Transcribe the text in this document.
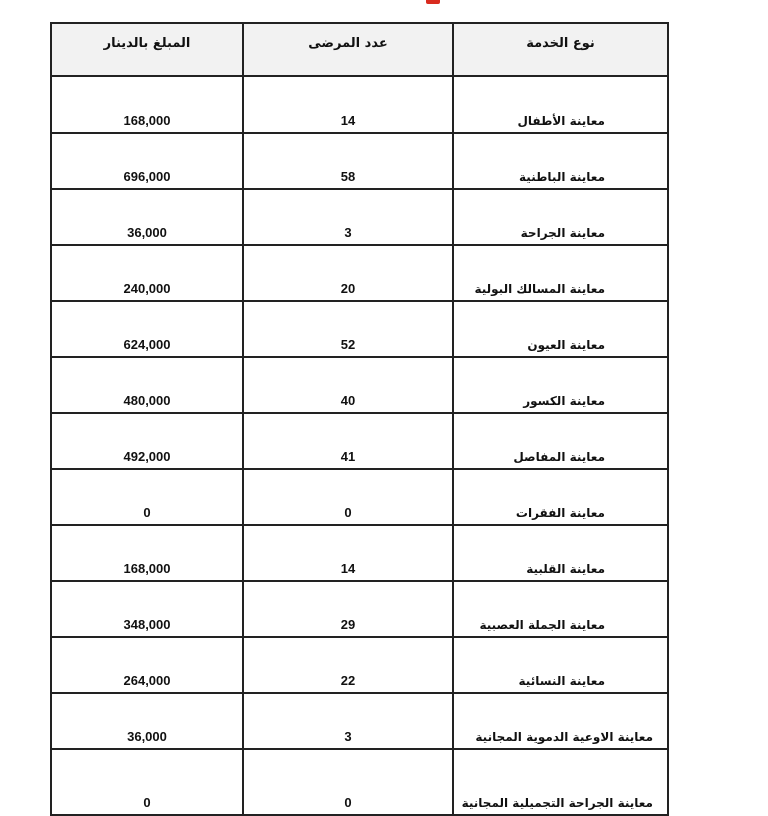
نوع الخدمة	عدد المرضى	المبلغ بالدينار
معاينة الأطفال	14	168,000
معاينة الباطنية	58	696,000
معاينة الجراحة	3	36,000
معاينة المسالك البولية	20	240,000
معاينة العيون	52	624,000
معاينة الكسور	40	480,000
معاينة المفاصل	41	492,000
معاينة الفقرات	0	0
معاينة القلبية	14	168,000
معاينة الجملة العصبية	29	348,000
معاينة النسائية	22	264,000
معاينة الاوعية الدموية المجانية	3	36,000
معاينة الجراحة التجميلية المجانية	0	0
